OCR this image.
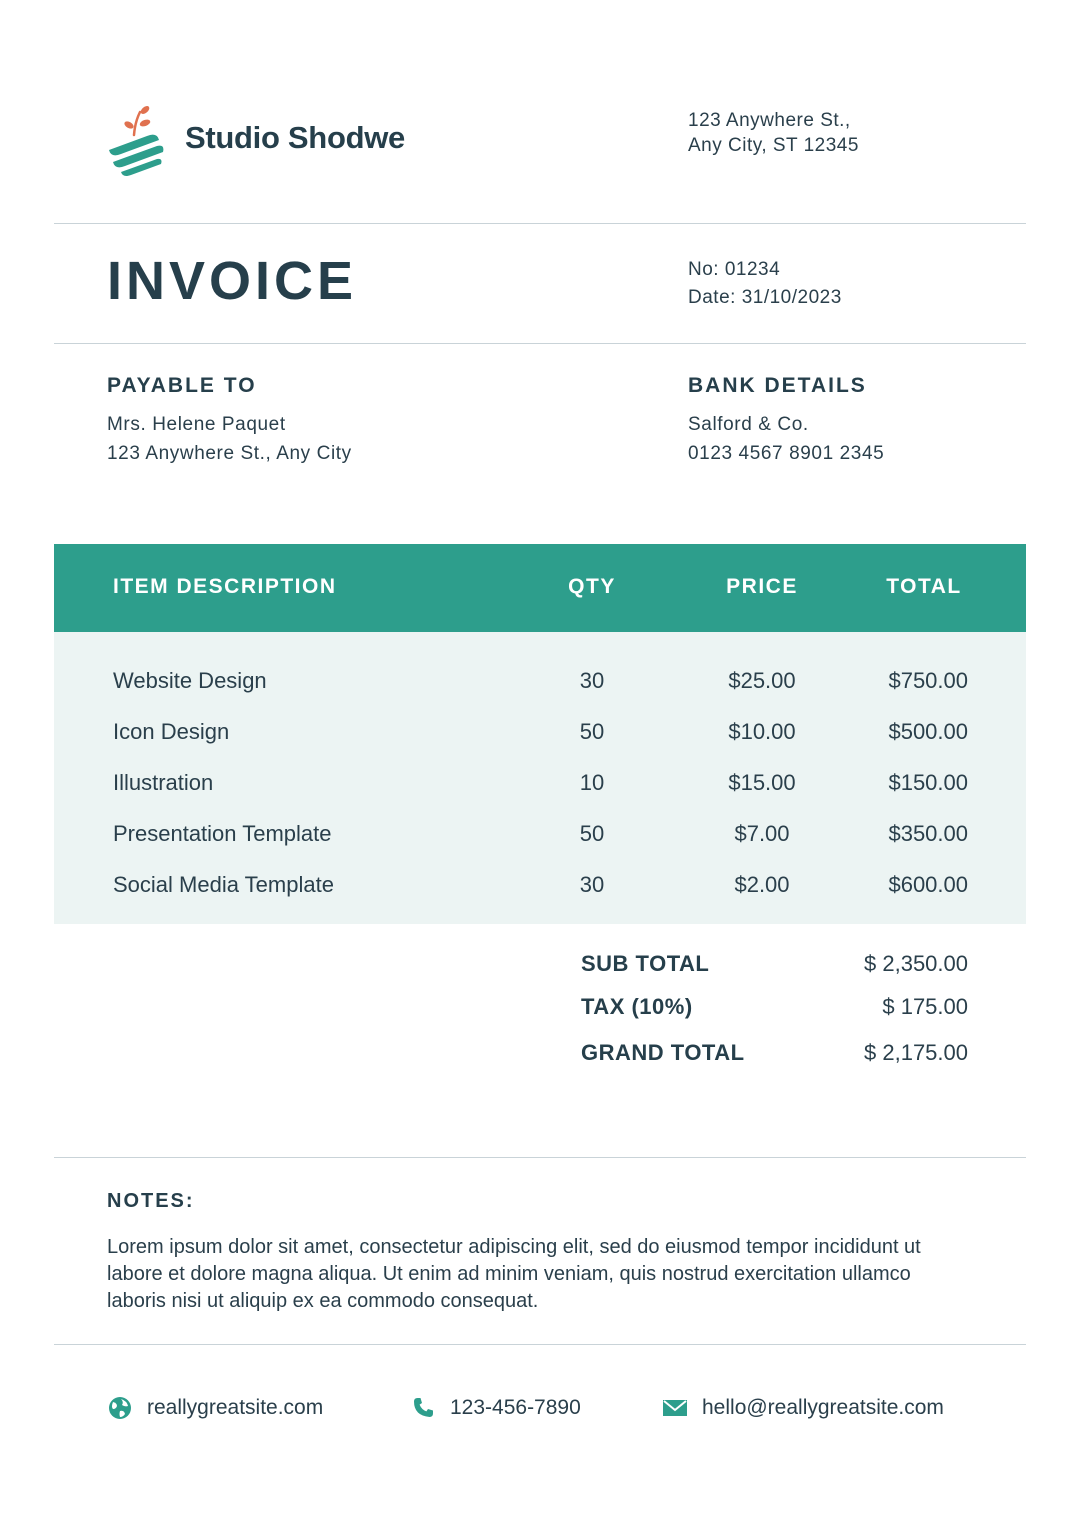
Studio Shodwe	123 Anywhere St.,
Any City, ST 12345
INVOICE	No: 01234
Date: 31/10/2023
PAYABLE TO
Mrs. Helene Paquet
123 Anywhere St., Any City
BANK DETAILS
Salford & Co.
0123 4567 8901 2345
ITEM DESCRIPTION	QTY	PRICE	TOTAL
Website Design	30	$25.00	$750.00
Icon Design	50	$10.00	$500.00
Illustration	10	$15.00	$150.00
Presentation Template	50	$7.00	$350.00
Social Media Template	30	$2.00	$600.00
SUB TOTAL	$ 2,350.00
TAX (10%)	$ 175.00
GRAND TOTAL	$ 2,175.00
NOTES:
Lorem ipsum dolor sit amet, consectetur adipiscing elit, sed do eiusmod tempor incididunt ut labore et dolore magna aliqua. Ut enim ad minim veniam, quis nostrud exercitation ullamco laboris nisi ut aliquip ex ea commodo consequat.
reallygreatsite.com	123-456-7890	hello@reallygreatsite.com
